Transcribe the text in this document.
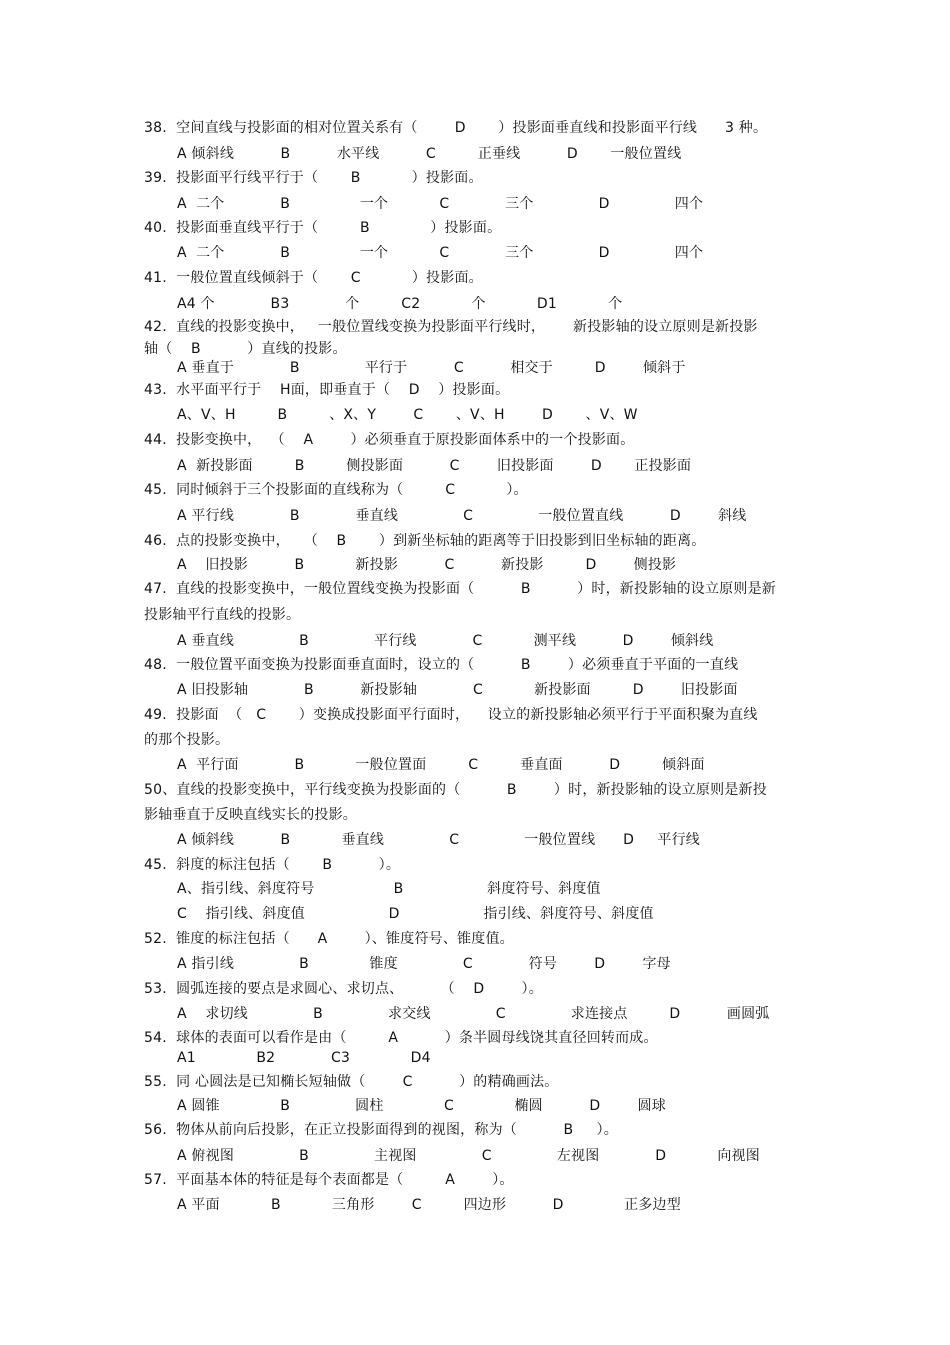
38.  空间直线与投影面的相对位置关系有（        D       ）投影面垂直线和投影面平行线      3 种。
A 倾斜线          B          水平线          C         正垂线          D       一般位置线
39.  投影面平行线平行于（       B           ）投影面。
A  二个            B               一个           C            三个              D              四个
40.  投影面垂直线平行于（         B             ）投影面。
A  二个            B               一个           C            三个              D              四个
41.  一般位置直线倾斜于（       C           ）投影面。
A4 个            B3            个         C2           个           D1           个
42.  直线的投影变换中，   一般位置线变换为投影面平行线时，      新投影轴的设立原则是新投影
轴（    B          ）直线的投影。
A 垂直于            B              平行于          C          相交于         D        倾斜于
43.  水平面平行于    H面，即垂直于（    D    ）投影面。
A、V、H         B         、X、Y        C       、V、H        D       、V、W
44.  投影变换中，  （    A        ）必须垂直于原投影面体系中的一个投影面。
A  新投影面         B         侧投影面          C        旧投影面        D       正投影面
45.  同时倾斜于三个投影面的直线称为（         C           ）。
A 平行线            B            垂直线              C              一般位置直线          D        斜线
46.  点的投影变换中，   （    B       ）到新坐标轴的距离等于旧投影到旧坐标轴的距离。
A    旧投影          B           新投影          C          新投影         D        侧投影
47.  直线的投影变换中，一般位置线变换为投影面（          B          ）时，新投影轴的设立原则是新
投影轴平行直线的投影。
A 垂直线              B              平行线            C           测平线          D        倾斜线
48.  一般位置平面变换为投影面垂直面时，设立的（          B        ）必须垂直于平面的一直线
A 旧投影轴            B          新投影轴            C           新投影面         D        旧投影面
49.  投影面  （   C       ）变换成投影面平行面时，    设立的新投影轴必须平行于平面积聚为直线
的那个投影。
A  平行面            B           一般位置面         C         垂直面          D         倾斜面
50、直线的投影变换中，平行线变换为投影面的（          B        ）时，新投影轴的设立原则是新投
影轴垂直于反映直线实长的投影。
A 倾斜线          B           垂直线              C              一般位置线      D     平行线
45.  斜度的标注包括（       B          ）。
A、指引线、斜度符号                 B                  斜度符号、斜度值
C    指引线、斜度值                  D                  指引线、斜度符号、斜度值
52.  锥度的标注包括（      A        ）、锥度符号、锥度值。
A 指引线              B             锥度              C            符号        D        字母
53.  圆弧连接的要点是求圆心、求切点、        （    D        ）。
A    求切线              B              求交线              C              求连接点         D          画圆弧
54.  球体的表面可以看作是由（         A          ）条半圆母线饶其直径回转而成。
A1             B2            C3             D4
55.  同 心圆法是已知椭长短轴做（        C          ）的精确画法。
A 圆锥             B              圆柱             C             椭圆          D        圆球
56.  物体从前向后投影，在正立投影面得到的视图，称为（          B     ）。
A 俯视图              B              主视图              C              左视图            D           向视图
57.  平面基本体的特征是每个表面都是（         A        ）。
A 平面           B           三角形        C         四边形          D             正多边型
